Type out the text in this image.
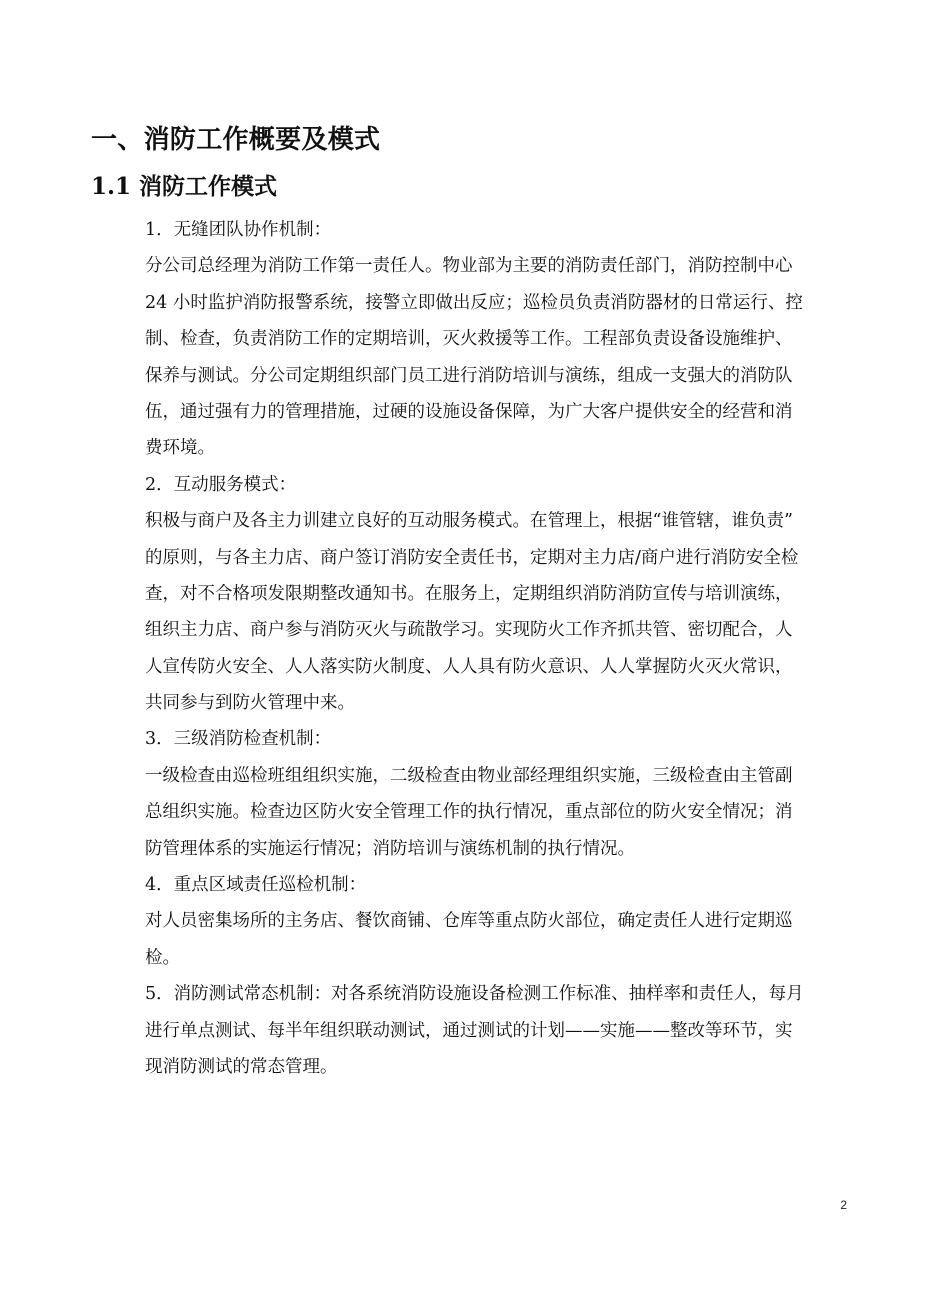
一、消防工作概要及模式
1.1 消防工作模式
1．无缝团队协作机制：
分公司总经理为消防工作第一责任人。物业部为主要的消防责任部门，消防控制中心
24 小时监护消防报警系统，接警立即做出反应；巡检员负责消防器材的日常运行、控
制、检查，负责消防工作的定期培训，灭火救援等工作。工程部负责设备设施维护、
保养与测试。分公司定期组织部门员工进行消防培训与演练，组成一支强大的消防队
伍，通过强有力的管理措施，过硬的设施设备保障，为广大客户提供安全的经营和消
费环境。
2．互动服务模式：
积极与商户及各主力训建立良好的互动服务模式。在管理上，根据“谁管辖，谁负责”
的原则，与各主力店、商户签订消防安全责任书，定期对主力店/商户进行消防安全检
查，对不合格项发限期整改通知书。在服务上，定期组织消防消防宣传与培训演练，
组织主力店、商户参与消防灭火与疏散学习。实现防火工作齐抓共管、密切配合，人
人宣传防火安全、人人落实防火制度、人人具有防火意识、人人掌握防火灭火常识，
共同参与到防火管理中来。
3．三级消防检查机制：
一级检查由巡检班组组织实施，二级检查由物业部经理组织实施，三级检查由主管副
总组织实施。检查边区防火安全管理工作的执行情况，重点部位的防火安全情况；消
防管理体系的实施运行情况；消防培训与演练机制的执行情况。
4．重点区域责任巡检机制：
对人员密集场所的主务店、餐饮商铺、仓库等重点防火部位，确定责任人进行定期巡
检。
5．消防测试常态机制：对各系统消防设施设备检测工作标准、抽样率和责任人，每月
进行单点测试、每半年组织联动测试，通过测试的计划——实施——整改等环节，实
现消防测试的常态管理。
2
